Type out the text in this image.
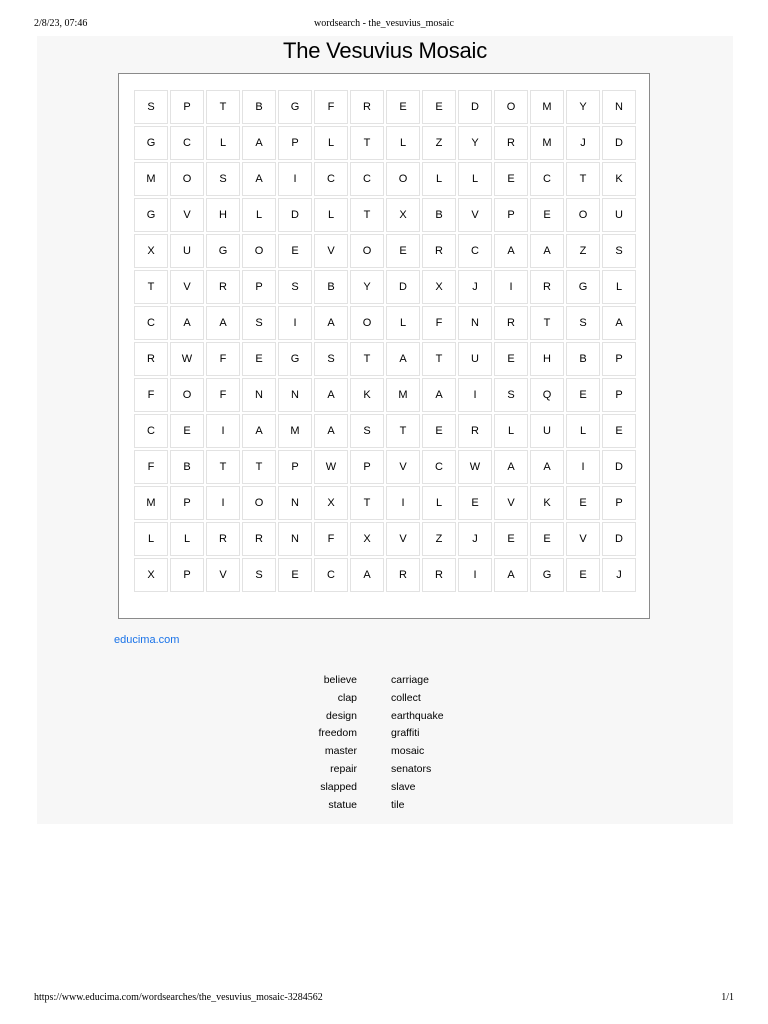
2/8/23, 07:46	wordsearch - the_vesuvius_mosaic
The Vesuvius Mosaic
S	P	T	B	G	F	R	E	E	D	O	M	Y	N
G	C	L	A	P	L	T	L	Z	Y	R	M	J	D
M	O	S	A	I	C	C	O	L	L	E	C	T	K
G	V	H	L	D	L	T	X	B	V	P	E	O	U
X	U	G	O	E	V	O	E	R	C	A	A	Z	S
T	V	R	P	S	B	Y	D	X	J	I	R	G	L
C	A	A	S	I	A	O	L	F	N	R	T	S	A
R	W	F	E	G	S	T	A	T	U	E	H	B	P
F	O	F	N	N	A	K	M	A	I	S	Q	E	P
C	E	I	A	M	A	S	T	E	R	L	U	L	E
F	B	T	T	P	W	P	V	C	W	A	A	I	D
M	P	I	O	N	X	T	I	L	E	V	K	E	P
L	L	R	R	N	F	X	V	Z	J	E	E	V	D
X	P	V	S	E	C	A	R	R	I	A	G	E	J
educima.com
believe	carriage
clap	collect
design	earthquake
freedom	graffiti
master	mosaic
repair	senators
slapped	slave
statue	tile
https://www.educima.com/wordsearches/the_vesuvius_mosaic-3284562	1/1
